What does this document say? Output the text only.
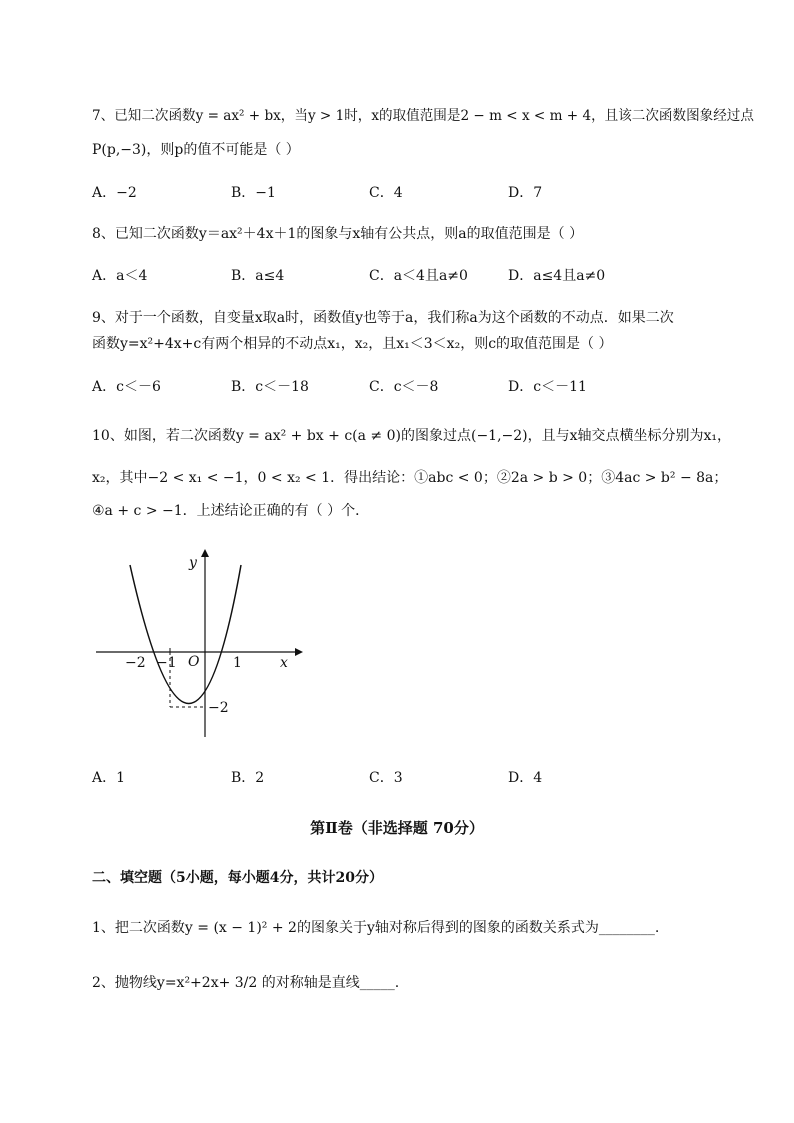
7、已知二次函数y = ax² + bx，当y > 1时，x的取值范围是2 − m < x < m + 4，且该二次函数图象经过点
P(p,−3)，则p的值不可能是（ ）
A．−2	B．−1	C．4	D．7
8、已知二次函数y＝ax²＋4x＋1的图象与x轴有公共点，则a的取值范围是（ ）
A．a＜4	B．a≤4	C．a＜4且a≠0	D．a≤4且a≠0
9、对于一个函数，自变量x取a时，函数值y也等于a，我们称a为这个函数的不动点．如果二次
函数y=x²+4x+c有两个相异的不动点x₁，x₂，且x₁＜3＜x₂，则c的取值范围是（ ）
A．c＜－6	B．c＜－18	C．c＜－8	D．c＜－11
10、如图，若二次函数y = ax² + bx + c(a ≠ 0)的图象过点(−1,−2)，且与x轴交点横坐标分别为x₁，
x₂，其中−2 < x₁ < −1，0 < x₂ < 1．得出结论：①abc < 0；②2a > b > 0；③4ac > b² − 8a；
④a + c > −1．上述结论正确的有（ ）个．
y
x
O
−2 −1	1
−2
A．1	B．2	C．3	D．4
第Ⅱ卷（非选择题 70分）
二、填空题（5小题，每小题4分，共计20分）
1、把二次函数y = (x − 1)² + 2的图象关于y轴对称后得到的图象的函数关系式为________.
2、抛物线y=x²+2x+ 3/2 的对称轴是直线_____.
